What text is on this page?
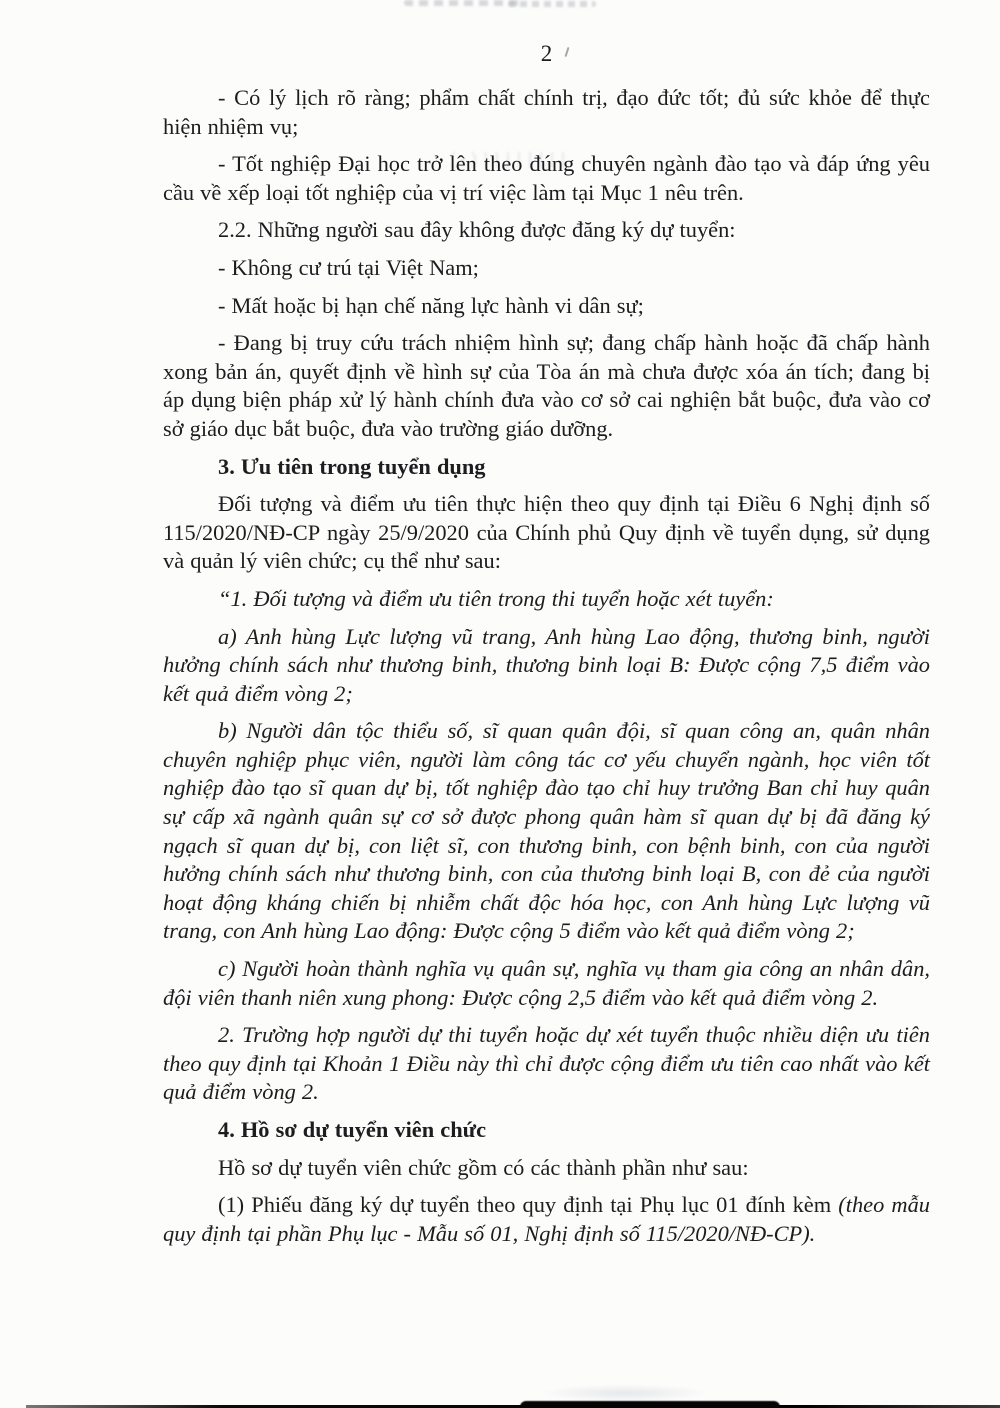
2

- Có lý lịch rõ ràng; phẩm chất chính trị, đạo đức tốt; đủ sức khỏe để thực hiện nhiệm vụ;

- Tốt nghiệp Đại học trở lên theo đúng chuyên ngành đào tạo và đáp ứng yêu cầu về xếp loại tốt nghiệp của vị trí việc làm tại Mục 1 nêu trên.

2.2. Những người sau đây không được đăng ký dự tuyển:

- Không cư trú tại Việt Nam;

- Mất hoặc bị hạn chế năng lực hành vi dân sự;

- Đang bị truy cứu trách nhiệm hình sự; đang chấp hành hoặc đã chấp hành xong bản án, quyết định về hình sự của Tòa án mà chưa được xóa án tích; đang bị áp dụng biện pháp xử lý hành chính đưa vào cơ sở cai nghiện bắt buộc, đưa vào cơ sở giáo dục bắt buộc, đưa vào trường giáo dưỡng.

3. Ưu tiên trong tuyển dụng

Đối tượng và điểm ưu tiên thực hiện theo quy định tại Điều 6 Nghị định số 115/2020/NĐ-CP ngày 25/9/2020 của Chính phủ Quy định về tuyển dụng, sử dụng và quản lý viên chức; cụ thể như sau:

“1. Đối tượng và điểm ưu tiên trong thi tuyển hoặc xét tuyển:

a) Anh hùng Lực lượng vũ trang, Anh hùng Lao động, thương binh, người hưởng chính sách như thương binh, thương binh loại B: Được cộng 7,5 điểm vào kết quả điểm vòng 2;

b) Người dân tộc thiểu số, sĩ quan quân đội, sĩ quan công an, quân nhân chuyên nghiệp phục viên, người làm công tác cơ yếu chuyển ngành, học viên tốt nghiệp đào tạo sĩ quan dự bị, tốt nghiệp đào tạo chỉ huy trưởng Ban chỉ huy quân sự cấp xã ngành quân sự cơ sở được phong quân hàm sĩ quan dự bị đã đăng ký ngạch sĩ quan dự bị, con liệt sĩ, con thương binh, con bệnh binh, con của người hưởng chính sách như thương binh, con của thương binh loại B, con đẻ của người hoạt động kháng chiến bị nhiễm chất độc hóa học, con Anh hùng Lực lượng vũ trang, con Anh hùng Lao động: Được cộng 5 điểm vào kết quả điểm vòng 2;

c) Người hoàn thành nghĩa vụ quân sự, nghĩa vụ tham gia công an nhân dân, đội viên thanh niên xung phong: Được cộng 2,5 điểm vào kết quả điểm vòng 2.

2. Trường hợp người dự thi tuyển hoặc dự xét tuyển thuộc nhiều diện ưu tiên theo quy định tại Khoản 1 Điều này thì chỉ được cộng điểm ưu tiên cao nhất vào kết quả điểm vòng 2.

4. Hồ sơ dự tuyển viên chức

Hồ sơ dự tuyển viên chức gồm có các thành phần như sau:

(1) Phiếu đăng ký dự tuyển theo quy định tại Phụ lục 01 đính kèm (theo mẫu quy định tại phần Phụ lục - Mẫu số 01, Nghị định số 115/2020/NĐ-CP).
